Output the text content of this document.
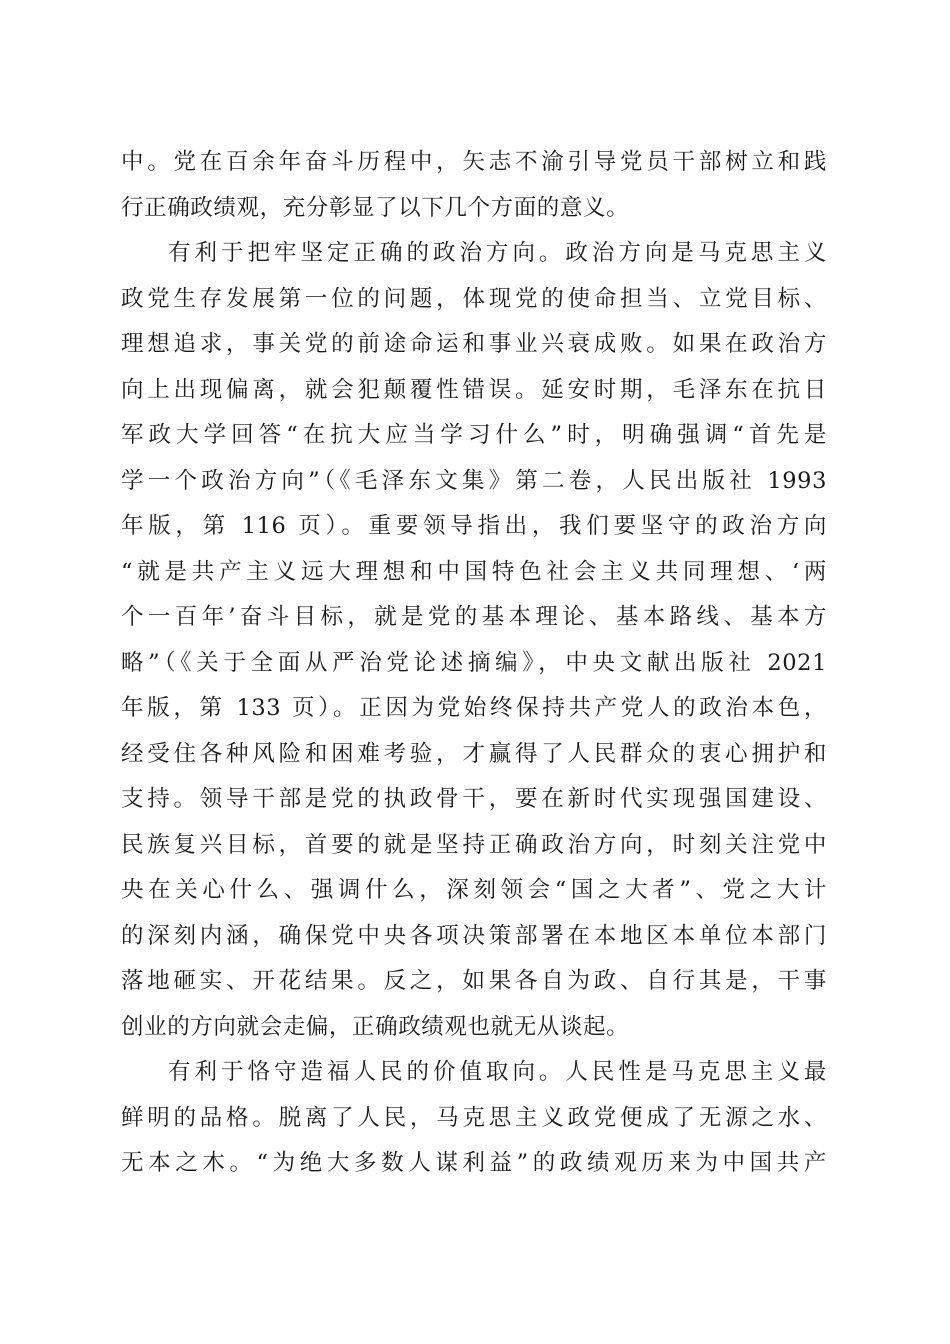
中。党在百余年奋斗历程中，矢志不渝引导党员干部树立和践
行正确政绩观，充分彰显了以下几个方面的意义。
有利于把牢坚定正确的政治方向。政治方向是马克思主义
政党生存发展第一位的问题，体现党的使命担当、立党目标、
理想追求，事关党的前途命运和事业兴衰成败。如果在政治方
向上出现偏离，就会犯颠覆性错误。延安时期，毛泽东在抗日
军政大学回答“在抗大应当学习什么”时，明确强调“首先是
学一个政治方向”（《毛泽东文集》第二卷，人民出版社 1993
年版，第 116 页）。重要领导指出，我们要坚守的政治方向
“就是共产主义远大理想和中国特色社会主义共同理想、‘两
个一百年’奋斗目标，就是党的基本理论、基本路线、基本方
略”（《关于全面从严治党论述摘编》，中央文献出版社 2021
年版，第 133 页）。正因为党始终保持共产党人的政治本色，
经受住各种风险和困难考验，才赢得了人民群众的衷心拥护和
支持。领导干部是党的执政骨干，要在新时代实现强国建设、
民族复兴目标，首要的就是坚持正确政治方向，时刻关注党中
央在关心什么、强调什么，深刻领会“国之大者”、党之大计
的深刻内涵，确保党中央各项决策部署在本地区本单位本部门
落地砸实、开花结果。反之，如果各自为政、自行其是，干事
创业的方向就会走偏，正确政绩观也就无从谈起。
有利于恪守造福人民的价值取向。人民性是马克思主义最
鲜明的品格。脱离了人民，马克思主义政党便成了无源之水、
无本之木。“为绝大多数人谋利益”的政绩观历来为中国共产
